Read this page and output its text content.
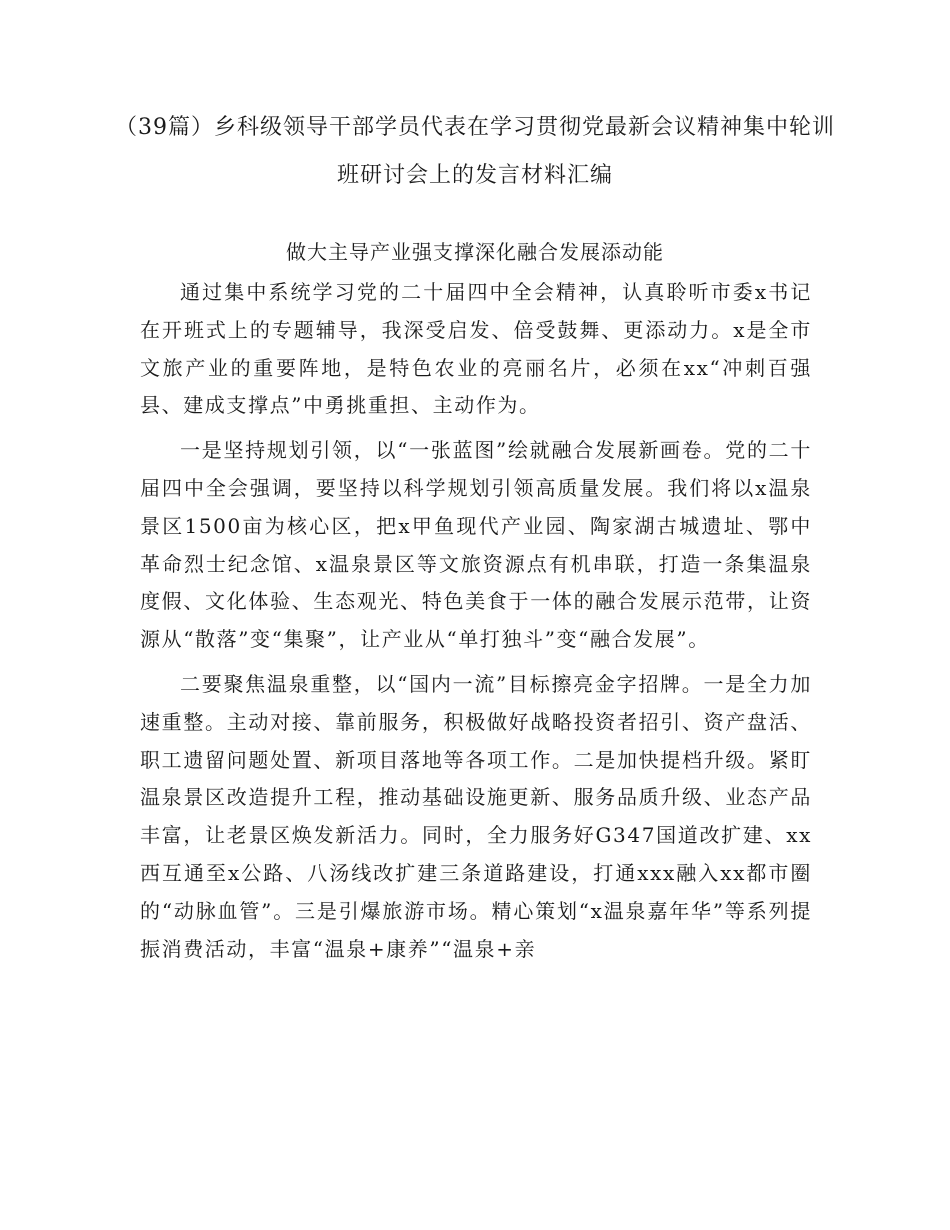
（39篇）乡科级领导干部学员代表在学习贯彻党最新会议精神集中轮训班研讨会上的发言材料汇编
做大主导产业强支撑深化融合发展添动能

通过集中系统学习党的二十届四中全会精神，认真聆听市委x书记在开班式上的专题辅导，我深受启发、倍受鼓舞、更添动力。x是全市文旅产业的重要阵地，是特色农业的亮丽名片，必须在xx“冲刺百强县、建成支撑点”中勇挑重担、主动作为。

一是坚持规划引领，以“一张蓝图”绘就融合发展新画卷。党的二十届四中全会强调，要坚持以科学规划引领高质量发展。我们将以x温泉景区1500亩为核心区，把x甲鱼现代产业园、陶家湖古城遗址、鄂中革命烈士纪念馆、x温泉景区等文旅资源点有机串联，打造一条集温泉度假、文化体验、生态观光、特色美食于一体的融合发展示范带，让资源从“散落”变“集聚”，让产业从“单打独斗”变“融合发展”。

二要聚焦温泉重整，以“国内一流”目标擦亮金字招牌。一是全力加速重整。主动对接、靠前服务，积极做好战略投资者招引、资产盘活、职工遗留问题处置、新项目落地等各项工作。二是加快提档升级。紧盯温泉景区改造提升工程，推动基础设施更新、服务品质升级、业态产品丰富，让老景区焕发新活力。同时，全力服务好G347国道改扩建、xx西互通至x公路、八汤线改扩建三条道路建设，打通xxx融入xx都市圈的“动脉血管”。三是引爆旅游市场。精心策划“x温泉嘉年华”等系列提振消费活动，丰富“温泉+康养”“温泉+亲
